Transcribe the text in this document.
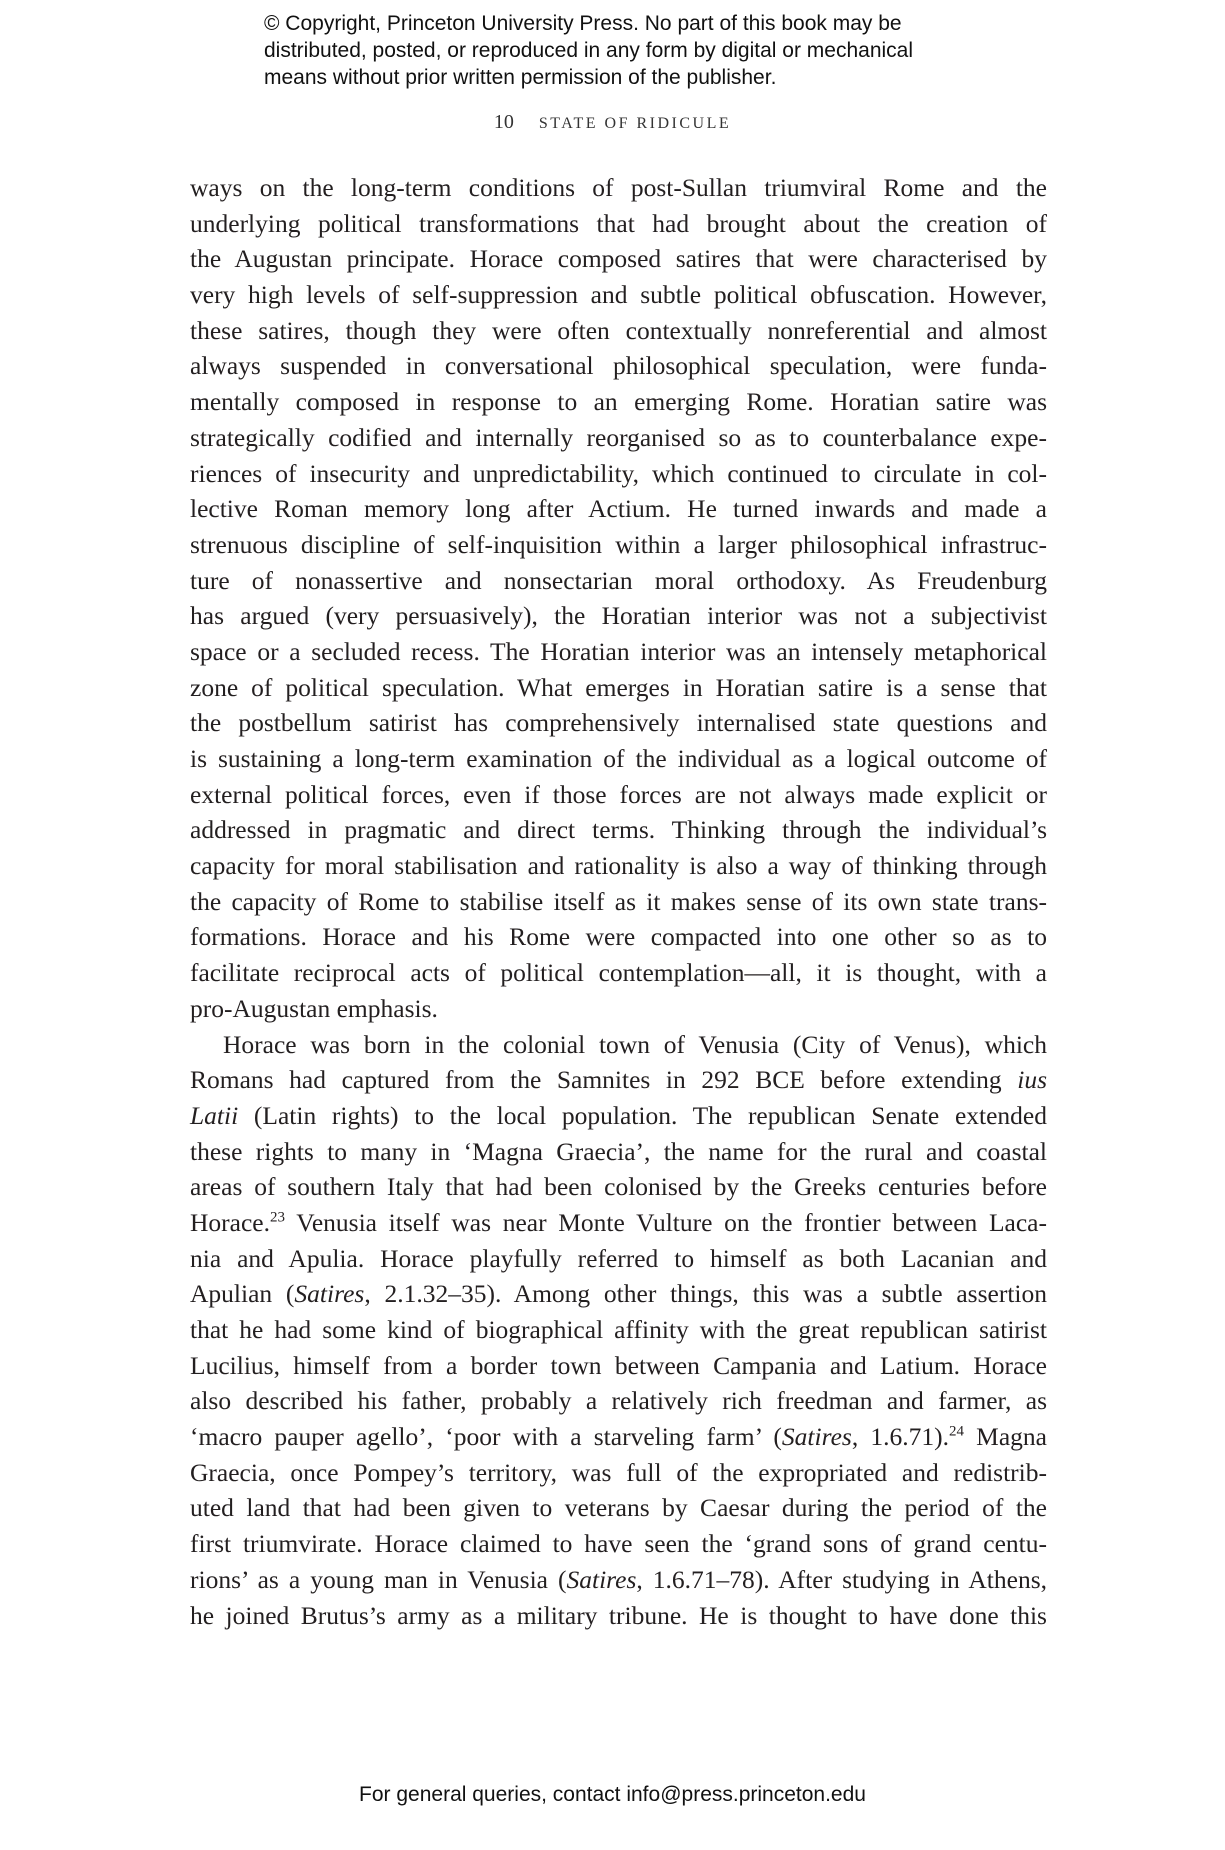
© Copyright, Princeton University Press. No part of this book may be
distributed, posted, or reproduced in any form by digital or mechanical
means without prior written permission of the publisher.
10 STATE OF RIDICULE
ways on the long-term conditions of post-Sullan triumviral Rome and the
underlying political transformations that had brought about the creation of
the Augustan principate. Horace composed satires that were characterised by
very high levels of self-suppression and subtle political obfuscation. However,
these satires, though they were often contextually nonreferential and almost
always suspended in conversational philosophical speculation, were funda-
mentally composed in response to an emerging Rome. Horatian satire was
strategically codified and internally reorganised so as to counterbalance expe-
riences of insecurity and unpredictability, which continued to circulate in col-
lective Roman memory long after Actium. He turned inwards and made a
strenuous discipline of self-inquisition within a larger philosophical infrastruc-
ture of nonassertive and nonsectarian moral orthodoxy. As Freudenburg
has argued (very persuasively), the Horatian interior was not a subjectivist
space or a secluded recess. The Horatian interior was an intensely metaphorical
zone of political speculation. What emerges in Horatian satire is a sense that
the postbellum satirist has comprehensively internalised state questions and
is sustaining a long-term examination of the individual as a logical outcome of
external political forces, even if those forces are not always made explicit or
addressed in pragmatic and direct terms. Thinking through the individual’s
capacity for moral stabilisation and rationality is also a way of thinking through
the capacity of Rome to stabilise itself as it makes sense of its own state trans-
formations. Horace and his Rome were compacted into one other so as to
facilitate reciprocal acts of political contemplation—all, it is thought, with a
pro-Augustan emphasis.
Horace was born in the colonial town of Venusia (City of Venus), which
Romans had captured from the Samnites in 292 BCE before extending ius
Latii (Latin rights) to the local population. The republican Senate extended
these rights to many in ‘Magna Graecia’, the name for the rural and coastal
areas of southern Italy that had been colonised by the Greeks centuries before
Horace.$^{23}$ Venusia itself was near Monte Vulture on the frontier between Laca-
nia and Apulia. Horace playfully referred to himself as both Lacanian and
Apulian (Satires, 2.1.32–35). Among other things, this was a subtle assertion
that he had some kind of biographical affinity with the great republican satirist
Lucilius, himself from a border town between Campania and Latium. Horace
also described his father, probably a relatively rich freedman and farmer, as
‘macro pauper agello’, ‘poor with a starveling farm’ (Satires, 1.6.71).$^{24}$ Magna
Graecia, once Pompey’s territory, was full of the expropriated and redistrib-
uted land that had been given to veterans by Caesar during the period of the
first triumvirate. Horace claimed to have seen the ‘grand sons of grand centu-
rions’ as a young man in Venusia (Satires, 1.6.71–78). After studying in Athens,
he joined Brutus’s army as a military tribune. He is thought to have done this
For general queries, contact info@press.princeton.edu
